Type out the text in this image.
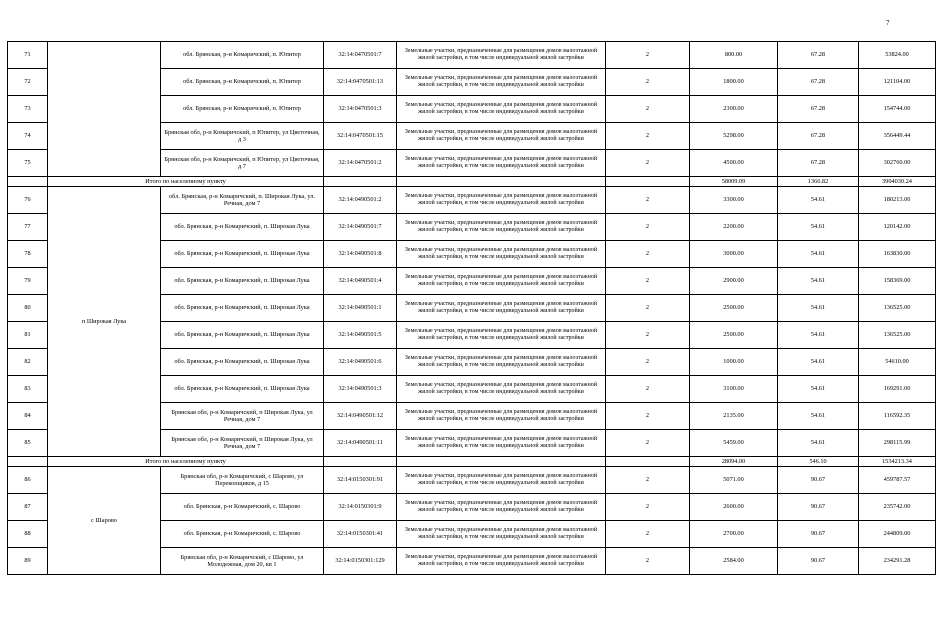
7
71		обл. Брянская, р-н Комаричский, п. Юпитер	32:14:0470501:7	Земельные участки, предназначенные для размещения домов малоэтажной жилой застройки, в том числе индивидуальной жилой застройки	2	800.00	67.28	53824.00
72		обл. Брянская, р-н Комаричский, п. Юпитер	32:14:0470501:13	Земельные участки, предназначенные для размещения домов малоэтажной жилой застройки, в том числе индивидуальной жилой застройки	2	1800.00	67.28	121104.00
73		обл. Брянская, р-н Комаричский, п. Юпитер	32:14:0470501:3	Земельные участки, предназначенные для размещения домов малоэтажной жилой застройки, в том числе индивидуальной жилой застройки	2	2300.00	67.28	154744.00
74		Брянская обл, р-н Комаричский, п Юпитер, ул Цветочная, д 3	32:14:0470501:15	Земельные участки, предназначенные для размещения домов малоэтажной жилой застройки, в том числе индивидуальной жилой застройки	2	5298.00	67.28	356449.44
75		Брянская обл, р-н Комаричский, п Юпитер, ул Цветочная, д 7	32:14:0470501:2	Земельные участки, предназначенные для размещения домов малоэтажной жилой застройки, в том числе индивидуальной жилой застройки	2	4500.00	67.28	302760.00
	Итого по населенному пункту					58009.09	1366.82	3904030.24
76	п Широкая Лука	обл. Брянская, р-н Комаричский, п. Широкая Лука, ул. Речная, дом 7	32:14:0490501:2	Земельные участки, предназначенные для размещения домов малоэтажной жилой застройки, в том числе индивидуальной жилой застройки	2	3300.00	54.61	180213.00
77		обл. Брянская, р-н Комаричский, п. Широкая Лука	32:14:0490501:7	Земельные участки, предназначенные для размещения домов малоэтажной жилой застройки, в том числе индивидуальной жилой застройки	2	2200.00	54.61	120142.00
78		обл. Брянская, р-н Комаричский, п. Широкая Лука	32:14:0490501:8	Земельные участки, предназначенные для размещения домов малоэтажной жилой застройки, в том числе индивидуальной жилой застройки	2	3000.00	54.61	163830.00
79		обл. Брянская, р-н Комаричский, п. Широкая Лука	32:14:0490501:4	Земельные участки, предназначенные для размещения домов малоэтажной жилой застройки, в том числе индивидуальной жилой застройки	2	2900.00	54.61	158369.00
80		обл. Брянская, р-н Комаричский, п. Широкая Лука	32:14:0490501:1	Земельные участки, предназначенные для размещения домов малоэтажной жилой застройки, в том числе индивидуальной жилой застройки	2	2500.00	54.61	136525.00
81		обл. Брянская, р-н Комаричский, п. Широкая Лука	32:14:0490501:5	Земельные участки, предназначенные для размещения домов малоэтажной жилой застройки, в том числе индивидуальной жилой застройки	2	2500.00	54.61	136525.00
82		обл. Брянская, р-н Комаричский, п. Широкая Лука	32:14:0490501:6	Земельные участки, предназначенные для размещения домов малоэтажной жилой застройки, в том числе индивидуальной жилой застройки	2	1000.00	54.61	54610.00
83		обл. Брянская, р-н Комаричский, п. Широкая Лука	32:14:0490501:3	Земельные участки, предназначенные для размещения домов малоэтажной жилой застройки, в том числе индивидуальной жилой застройки	2	3100.00	54.61	169291.00
84		Брянская обл, р-н Комаричский, п Широкая Лука, ул Речная, дом 7	32:14:0490501:12	Земельные участки, предназначенные для размещения домов малоэтажной жилой застройки, в том числе индивидуальной жилой застройки	2	2135.00	54.61	116592.35
85		Брянская обл, р-н Комаричский, п Широкая Лука, ул Речная, дом 7	32:14:0490501:11	Земельные участки, предназначенные для размещения домов малоэтажной жилой застройки, в том числе индивидуальной жилой застройки	2	5459.00	54.61	298115.99
	Итого по населенному пункту					28094.00	546.10	1534213.34
86	с Шарово	Брянская обл, р-н Комаричский, с Шарово, ул Перекопщиков, д 15	32:14:0150301:91	Земельные участки, предназначенные для размещения домов малоэтажной жилой застройки, в том числе индивидуальной жилой застройки	2	5071.00	90.67	459787.57
87		обл. Брянская, р-н Комаричский, с. Шарово	32:14:0150301:9	Земельные участки, предназначенные для размещения домов малоэтажной жилой застройки, в том числе индивидуальной жилой застройки	2	2600.00	90.67	235742.00
88		обл. Брянская, р-н Комаричский, с. Шарово	32:14:0150301:41	Земельные участки, предназначенные для размещения домов малоэтажной жилой застройки, в том числе индивидуальной жилой застройки	2	2700.00	90.67	244809.00
89		Брянская обл, р-н Комаричский, с Шарово, ул Молодежная, дом 20, кв 1	32:14:0150301:129	Земельные участки, предназначенные для размещения домов малоэтажной жилой застройки, в том числе индивидуальной жилой застройки	2	2584.00	90.67	234291.28
